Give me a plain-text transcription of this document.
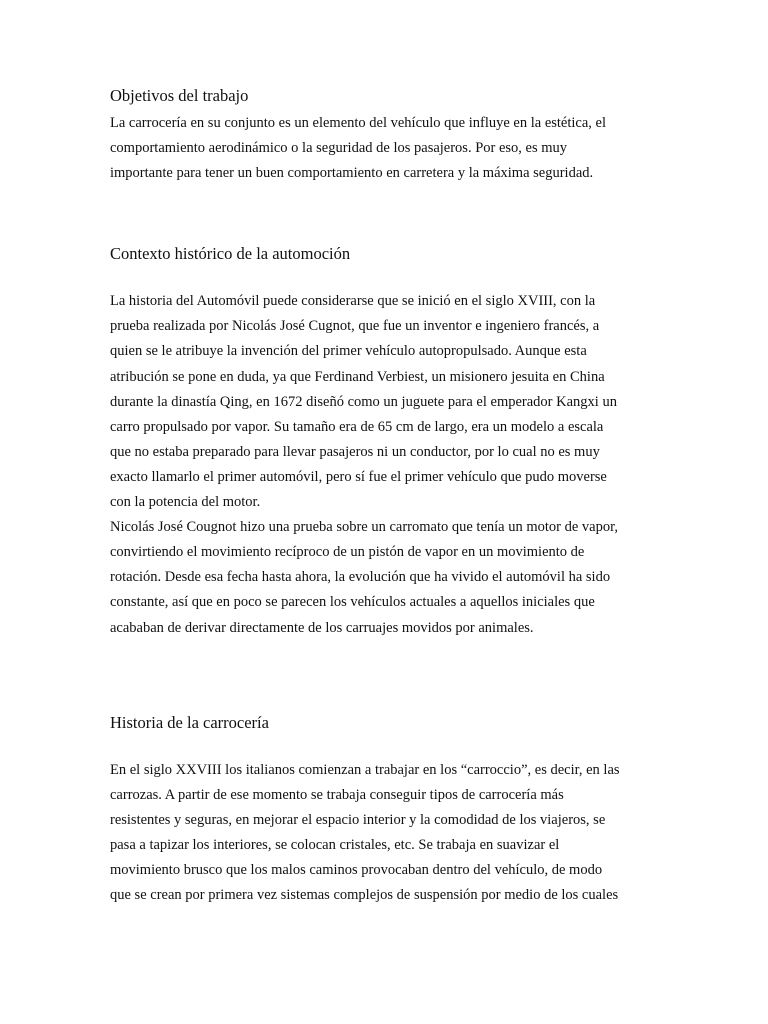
Objetivos del trabajo

La carrocería en su conjunto es un elemento del vehículo que influye en la estética, el
comportamiento aerodinámico o la seguridad de los pasajeros. Por eso, es muy
importante para tener un buen comportamiento en carretera y la máxima seguridad.

Contexto histórico de la automoción

La historia del Automóvil puede considerarse que se inició en el siglo XVIII, con la
prueba realizada por Nicolás José Cugnot, que fue un inventor e ingeniero francés, a
quien se le atribuye la invención del primer vehículo autopropulsado. Aunque esta
atribución se pone en duda, ya que Ferdinand Verbiest, un misionero jesuita en China
durante la dinastía Qing, en 1672 diseñó como un juguete para el emperador Kangxi un
carro propulsado por vapor. Su tamaño era de 65 cm de largo, era un modelo a escala
que no estaba preparado para llevar pasajeros ni un conductor, por lo cual no es muy
exacto llamarlo el primer automóvil, pero sí fue el primer vehículo que pudo moverse
con la potencia del motor.
Nicolás José Cougnot hizo una prueba sobre un carromato que tenía un motor de vapor,
convirtiendo el movimiento recíproco de un pistón de vapor en un movimiento de
rotación. Desde esa fecha hasta ahora, la evolución que ha vivido el automóvil ha sido
constante, así que en poco se parecen los vehículos actuales a aquellos iniciales que
acababan de derivar directamente de los carruajes movidos por animales.

Historia de la carrocería

En el siglo XXVIII los italianos comienzan a trabajar en los “carroccio”, es decir, en las
carrozas. A partir de ese momento se trabaja conseguir tipos de carrocería más
resistentes y seguras, en mejorar el espacio interior y la comodidad de los viajeros, se
pasa a tapizar los interiores, se colocan cristales, etc. Se trabaja en suavizar el
movimiento brusco que los malos caminos provocaban dentro del vehículo, de modo
que se crean por primera vez sistemas complejos de suspensión por medio de los cuales
